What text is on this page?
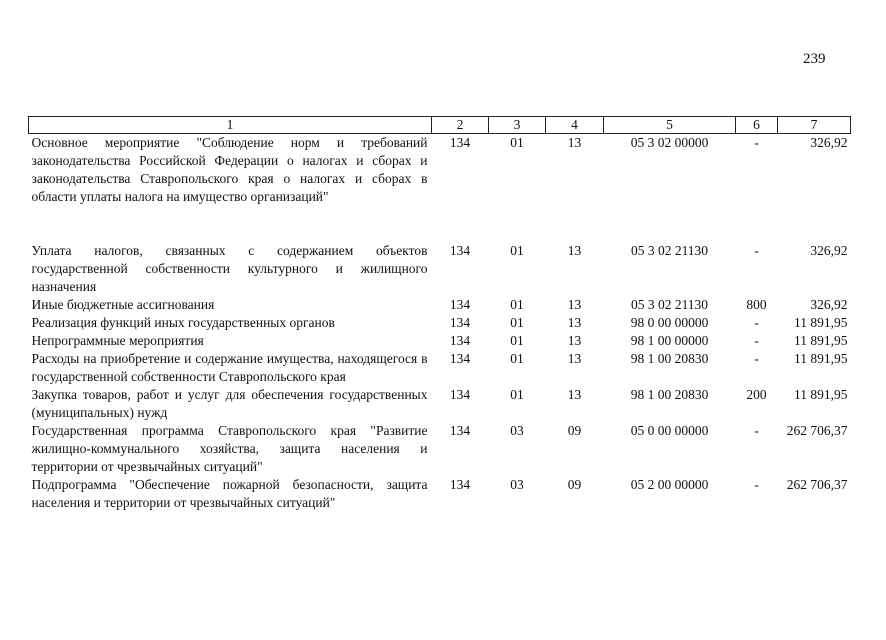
239
1	2	3	4	5	6	7
Основное мероприятие "Соблюдение норм и требований законодательства Российской Федерации о налогах и сборах и законодательства Ставропольского края о налогах и сборах в области уплаты налога на имущество организаций"	134	01	13	05 3 02 00000	-	326,92

Уплата налогов, связанных с содержанием объектов государственной собственности культурного и жилищного назначения	134	01	13	05 3 02 21130	-	326,92
Иные бюджетные ассигнования	134	01	13	05 3 02 21130	800	326,92
Реализация функций иных государственных органов	134	01	13	98 0 00 00000	-	11 891,95
Непрограммные мероприятия	134	01	13	98 1 00 00000	-	11 891,95
Расходы на приобретение и содержание имущества, находящегося в государственной собственности Ставропольского края	134	01	13	98 1 00 20830	-	11 891,95
Закупка товаров, работ и услуг для обеспечения государственных (муниципальных) нужд	134	01	13	98 1 00 20830	200	11 891,95
Государственная программа Ставропольского края "Развитие жилищно-коммунального хозяйства, защита населения и территории от чрезвычайных ситуаций"	134	03	09	05 0 00 00000	-	262 706,37
Подпрограмма "Обеспечение пожарной безопасности, защита населения и территории от чрезвычайных ситуаций"	134	03	09	05 2 00 00000	-	262 706,37
